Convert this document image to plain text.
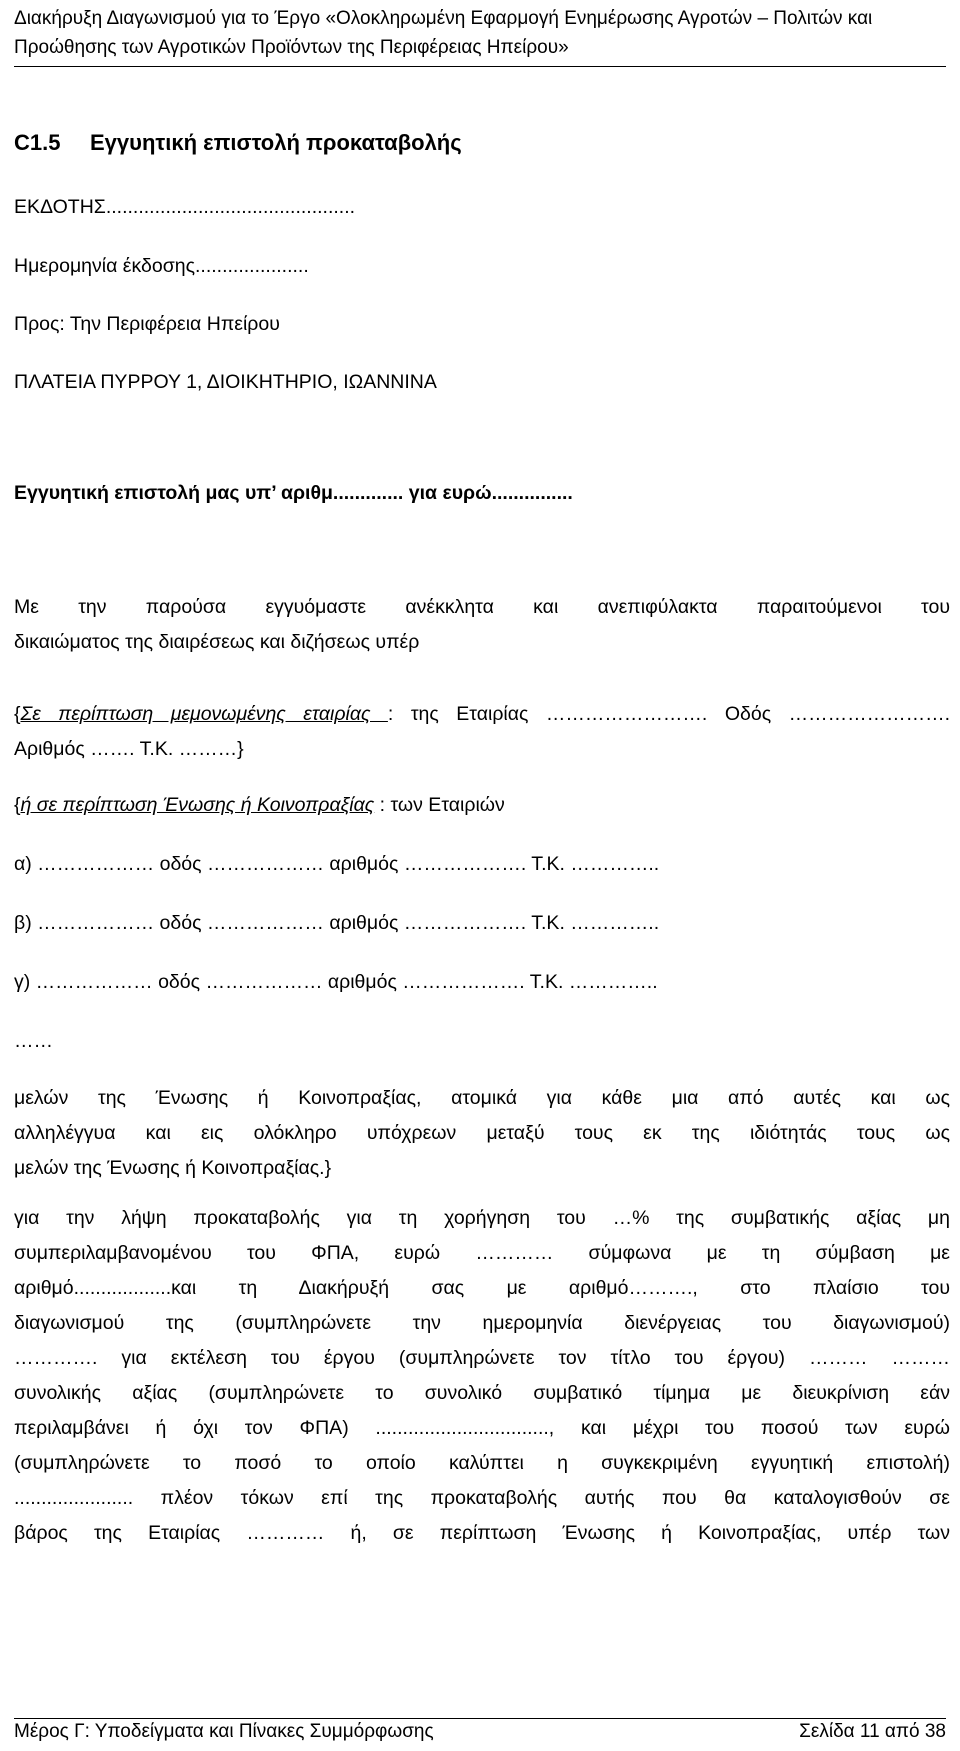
Διακήρυξη Διαγωνισμού για το Έργο «Ολοκληρωμένη Εφαρμογή Ενημέρωσης Αγροτών – Πολιτών και
Προώθησης των Αγροτικών Προϊόντων της Περιφέρειας Ηπείρου»
C1.5 Εγγυητική επιστολή προκαταβολής
ΕΚΔΟΤΗΣ..............................................
Ημερομηνία έκδοσης.....................
Προς: Την Περιφέρεια Ηπείρου
ΠΛΑΤΕΙΑ ΠΥΡΡΟΥ 1, ΔΙΟΙΚΗΤΗΡΙΟ, ΙΩΑΝΝΙΝΑ
Εγγυητική επιστολή μας υπ’ αριθμ............. για ευρώ...............
Με την παρούσα εγγυόμαστε ανέκκλητα και ανεπιφύλακτα παραιτούμενοι του
δικαιώματος της διαιρέσεως και διζήσεως υπέρ
{Σε περίπτωση μεμονωμένης εταιρίας : της Εταιρίας ……………………. Οδός …………………….
Αριθμός ……. Τ.Κ. ………}
{ή σε περίπτωση Ένωσης ή Κοινοπραξίας : των Εταιριών
α) ……………… οδός ……………… αριθμός ………………. Τ.Κ. …………..
β) ……………… οδός ……………… αριθμός ………………. Τ.Κ. …………..
γ) ……………… οδός ……………… αριθμός ………………. Τ.Κ. …………..
……
μελών της Ένωσης ή Κοινοπραξίας, ατομικά για κάθε μια από αυτές και ως
αλληλέγγυα και εις ολόκληρο υπόχρεων μεταξύ τους εκ της ιδιότητάς τους ως
μελών της Ένωσης ή Κοινοπραξίας.}
για την λήψη προκαταβολής για τη χορήγηση του …% της συμβατικής αξίας μη
συμπεριλαμβανομένου του ΦΠΑ, ευρώ ………… σύμφωνα με τη σύμβαση με
αριθμό..................και τη Διακήρυξή σας με αριθμό………., στο πλαίσιο του
διαγωνισμού της (συμπληρώνετε την ημερομηνία διενέργειας του διαγωνισμού)
…………. για εκτέλεση του έργου (συμπληρώνετε τον τίτλο του έργου) ……… ………
συνολικής αξίας (συμπληρώνετε το συνολικό συμβατικό τίμημα με διευκρίνιση εάν
περιλαμβάνει ή όχι τον ΦΠΑ) ................................, και μέχρι του ποσού των ευρώ
(συμπληρώνετε το ποσό το οποίο καλύπτει η συγκεκριμένη εγγυητική επιστολή)
...................... πλέον τόκων επί της προκαταβολής αυτής που θα καταλογισθούν σε
βάρος της Εταιρίας ………… ή, σε περίπτωση Ένωσης ή Κοινοπραξίας, υπέρ των
Μέρος Γ: Υποδείγματα και Πίνακες Συμμόρφωσης	Σελίδα 11 από 38
